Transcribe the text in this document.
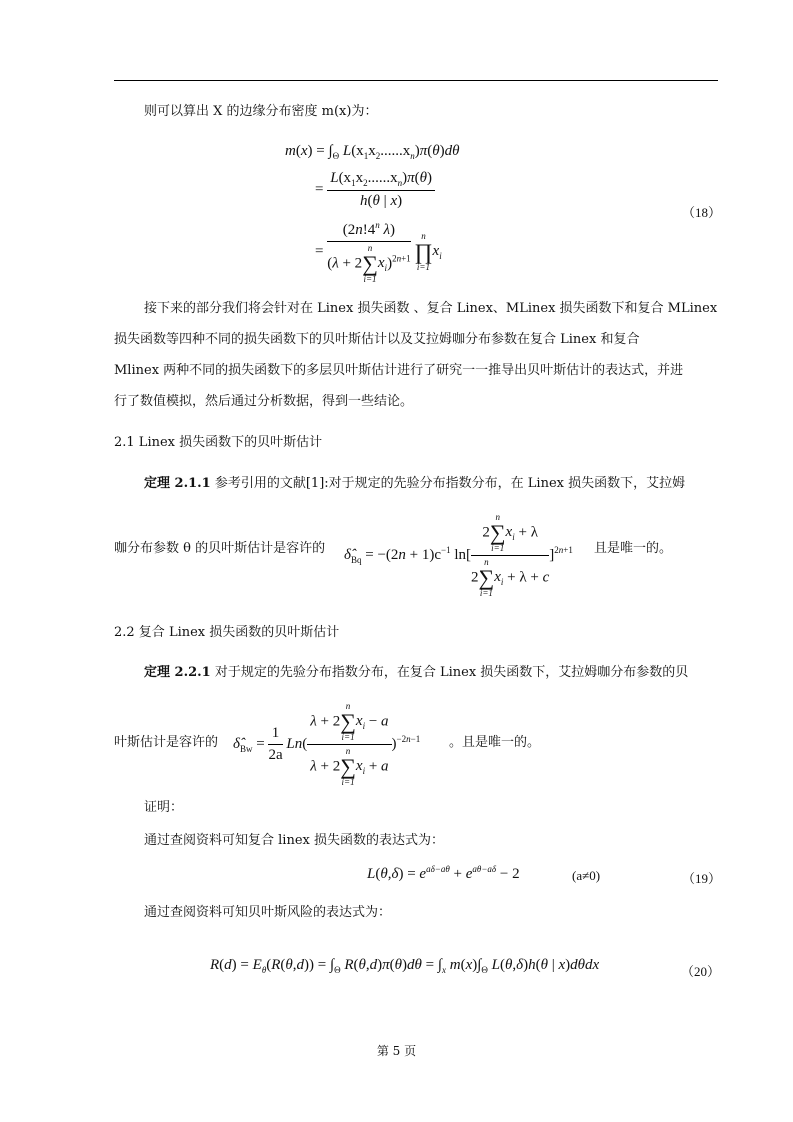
则可以算出 X 的边缘分布密度 m(x)为：
$m(x) = \int_\Theta$ $L(x_1x_2......x_n)\pi(\theta)d\theta$
= $\frac{L(x_1x_2......x_n)\pi(\theta)}{h(\theta | x)}$
= ($2n!4^n$ λ)
(λ + 2
n
∑
i=1
$x_i)^{2n+1}$
	n
∏
i=1
$x_i$
（18）
接下来的部分我们将会针对在 Linex 损失函数 、复合 Linex、MLinex 损失函数下和复合 MLinex
损失函数等四种不同的损失函数下的贝叶斯估计以及艾拉姆咖分布参数在复合 Linex 和复合
Mlinex 两种不同的损失函数下的多层贝叶斯估计进行了研究一一推导出贝叶斯估计的表达式，并进
行了数值模拟，然后通过分析数据，得到一些结论。
2.1 Linex 损失函数下的贝叶斯估计
定理 2.1.1 参考引用的文献[1]:对于规定的先验分布指数分布，在 Linex 损失函数下，艾拉姆
咖分布参数 θ 的贝叶斯估计是容许的 $\deltâ_{Bq} = -(2n + 1)c^{-1}$ ln[ 2
n
∑
i=1
$x_i + \lambda$
2
n
∑
i=1
$x_i + \lambda + c$ ]$^{2n+1}$ 且是唯一的。
2.2 复合 Linex 损失函数的贝叶斯估计
定理 2.2.1 对于规定的先验分布指数分布，在复合 Linex 损失函数下，艾拉姆咖分布参数的贝
叶斯估计是容许的 $\deltâ_{Bw} = \frac{1}{2a} Ln$( λ + 2
n
∑
i=1
$x_i - a$
λ + 2
n
∑
i=1
$x_i + a$ )$^{-2n-1}$ 。且是唯一的。
证明：
通过查阅资料可知复合 linex 损失函数的表达式为：
$L(\theta,\delta) = e^{a\delta-a\theta} + e^{a\theta-a\delta} - 2$	(a≠0)	（19）
通过查阅资料可知贝叶斯风险的表达式为：
$R(d) = E_\theta(R(\theta,d)) = \int_\Theta$ $R(\theta,d)\pi(\theta)d\theta = \int_x$ $m(x)\int_\Theta$ L(θ,δ)h(θ | x)dθdx	（20）
第 5 页
